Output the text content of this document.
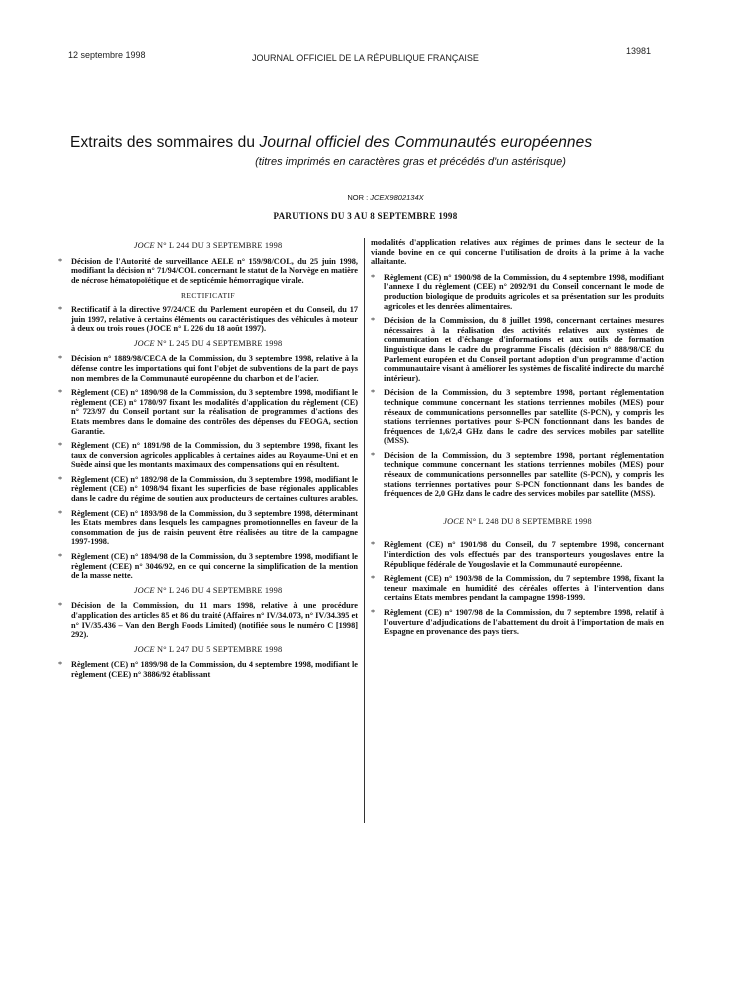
12 septembre 1998	JOURNAL OFFICIEL DE LA RÉPUBLIQUE FRANÇAISE
13981
Extraits des sommaires du Journal officiel des Communautés européennes
(titres imprimés en caractères gras et précédés d'un astérisque)
NOR : JCEX9802134X
PARUTIONS DU 3 AU 8 SEPTEMBRE 1998
JOCE N° L 244 DU 3 SEPTEMBRE 1998
* Décision de l'Autorité de surveillance AELE n° 159/98/COL, du 25 juin 1998, modifiant la décision n° 71/94/COL concernant le statut de la Norvège en matière de nécrose hématopoïétique et de septicémie hémorragique virale.
RECTIFICATIF
* Rectificatif à la directive 97/24/CE du Parlement européen et du Conseil, du 17 juin 1997, relative à certains éléments ou caractéristiques des véhicules à moteur à deux ou trois roues (JOCE n° L 226 du 18 août 1997).
JOCE N° L 245 DU 4 SEPTEMBRE 1998
* Décision n° 1889/98/CECA de la Commission, du 3 septembre 1998, relative à la défense contre les importations qui font l'objet de subventions de la part de pays non membres de la Communauté européenne du charbon et de l'acier.
* Règlement (CE) n° 1890/98 de la Commission, du 3 septembre 1998, modifiant le règlement (CE) n° 1780/97 fixant les modalités d'application du règlement (CE) n° 723/97 du Conseil portant sur la réalisation de programmes d'actions des Etats membres dans le domaine des contrôles des dépenses du FEOGA, section Garantie.
* Règlement (CE) n° 1891/98 de la Commission, du 3 septembre 1998, fixant les taux de conversion agricoles applicables à certaines aides au Royaume-Uni et en Suède ainsi que les montants maximaux des compensations qui en résultent.
* Règlement (CE) n° 1892/98 de la Commission, du 3 septembre 1998, modifiant le règlement (CE) n° 1098/94 fixant les superficies de base régionales applicables dans le cadre du régime de soutien aux producteurs de certaines cultures arables.
* Règlement (CE) n° 1893/98 de la Commission, du 3 septembre 1998, déterminant les Etats membres dans lesquels les campagnes promotionnelles en faveur de la consommation de jus de raisin peuvent être réalisées au titre de la campagne 1997-1998.
* Règlement (CE) n° 1894/98 de la Commission, du 3 septembre 1998, modifiant le règlement (CEE) n° 3046/92, en ce qui concerne la simplification de la mention de la masse nette.
JOCE N° L 246 DU 4 SEPTEMBRE 1998
* Décision de la Commission, du 11 mars 1998, relative à une procédure d'application des articles 85 et 86 du traité (Affaires n° IV/34.073, n° IV/34.395 et n° IV/35.436 – Van den Bergh Foods Limited) (notifiée sous le numéro C [1998] 292).
JOCE N° L 247 DU 5 SEPTEMBRE 1998
* Règlement (CE) n° 1899/98 de la Commission, du 4 septembre 1998, modifiant le règlement (CEE) n° 3886/92 établissant
modalités d'application relatives aux régimes de primes dans le secteur de la viande bovine en ce qui concerne l'utilisation de droits à la prime à la vache allaitante.
* Règlement (CE) n° 1900/98 de la Commission, du 4 septembre 1998, modifiant l'annexe I du règlement (CEE) n° 2092/91 du Conseil concernant le mode de production biologique de produits agricoles et sa présentation sur les produits agricoles et les denrées alimentaires.
* Décision de la Commission, du 8 juillet 1998, concernant certaines mesures nécessaires à la réalisation des activités relatives aux systèmes de communication et d'échange d'informations et aux outils de formation linguistique dans le cadre du programme Fiscalis (décision n° 888/98/CE du Parlement européen et du Conseil portant adoption d'un programme d'action communautaire visant à améliorer les systèmes de fiscalité indirecte du marché intérieur).
* Décision de la Commission, du 3 septembre 1998, portant réglementation technique commune concernant les stations terriennes mobiles (MES) pour réseaux de communications personnelles par satellite (S-PCN), y compris les stations terriennes portatives pour S-PCN fonctionnant dans les bandes de fréquences de 1,6/2,4 GHz dans le cadre des services mobiles par satellite (MSS).
* Décision de la Commission, du 3 septembre 1998, portant réglementation technique commune concernant les stations terriennes mobiles (MES) pour réseaux de communications personnelles par satellite (S-PCN), y compris les stations terriennes portatives pour S-PCN fonctionnant dans les bandes de fréquences de 2,0 GHz dans le cadre des services mobiles par satellite (MSS).
JOCE N° L 248 DU 8 SEPTEMBRE 1998
* Règlement (CE) n° 1901/98 du Conseil, du 7 septembre 1998, concernant l'interdiction des vols effectués par des transporteurs yougoslaves entre la République fédérale de Yougoslavie et la Communauté européenne.
* Règlement (CE) n° 1903/98 de la Commission, du 7 septembre 1998, fixant la teneur maximale en humidité des céréales offertes à l'intervention dans certains Etats membres pendant la campagne 1998-1999.
* Règlement (CE) n° 1907/98 de la Commission, du 7 septembre 1998, relatif à l'ouverture d'adjudications de l'abattement du droit à l'importation de maïs en Espagne en provenance des pays tiers.
